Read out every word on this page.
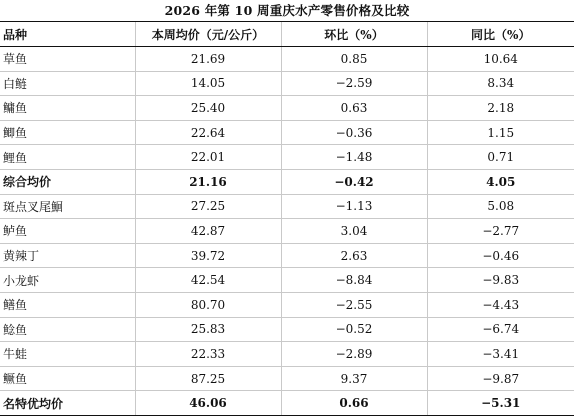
2026 年第 10 周重庆水产零售价格及比较
品种	本周均价（元/公斤）	环比（%）	同比（%）
草鱼	21.69	0.85	10.64
白鲢	14.05	−2.59	8.34
鳙鱼	25.40	0.63	2.18
鲫鱼	22.64	−0.36	1.15
鲤鱼	22.01	−1.48	0.71
综合均价	21.16	−0.42	4.05
斑点叉尾鮰	27.25	−1.13	5.08
鲈鱼	42.87	3.04	−2.77
黄辣丁	39.72	2.63	−0.46
小龙虾	42.54	−8.84	−9.83
鳝鱼	80.70	−2.55	−4.43
鲶鱼	25.83	−0.52	−6.74
牛蛙	22.33	−2.89	−3.41
鳜鱼	87.25	9.37	−9.87
名特优均价	46.06	0.66	−5.31
